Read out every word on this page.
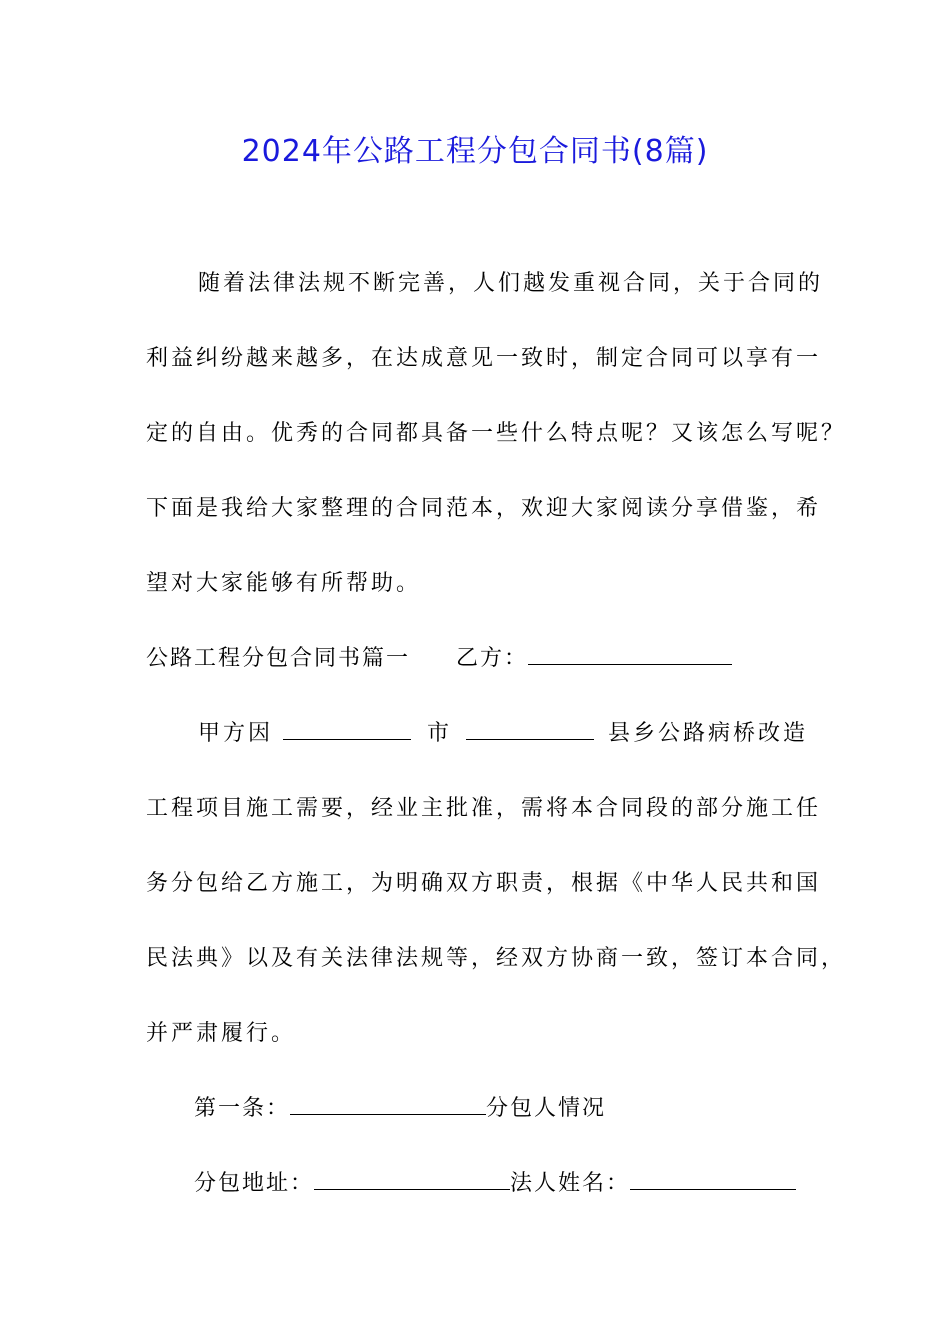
2024年公路工程分包合同书(8篇)
随着法律法规不断完善，人们越发重视合同，关于合同的
利益纠纷越来越多，在达成意见一致时，制定合同可以享有一
定的自由。优秀的合同都具备一些什么特点呢？又该怎么写呢？
下面是我给大家整理的合同范本，欢迎大家阅读分享借鉴，希
望对大家能够有所帮助。
公路工程分包合同书篇一 乙方：
甲方因	市	县乡公路病桥改造
工程项目施工需要，经业主批准，需将本合同段的部分施工任
务分包给乙方施工，为明确双方职责，根据《中华人民共和国
民法典》以及有关法律法规等，经双方协商一致，签订本合同，
并严肃履行。
第一条：	分包人情况
分包地址：	法人姓名：
